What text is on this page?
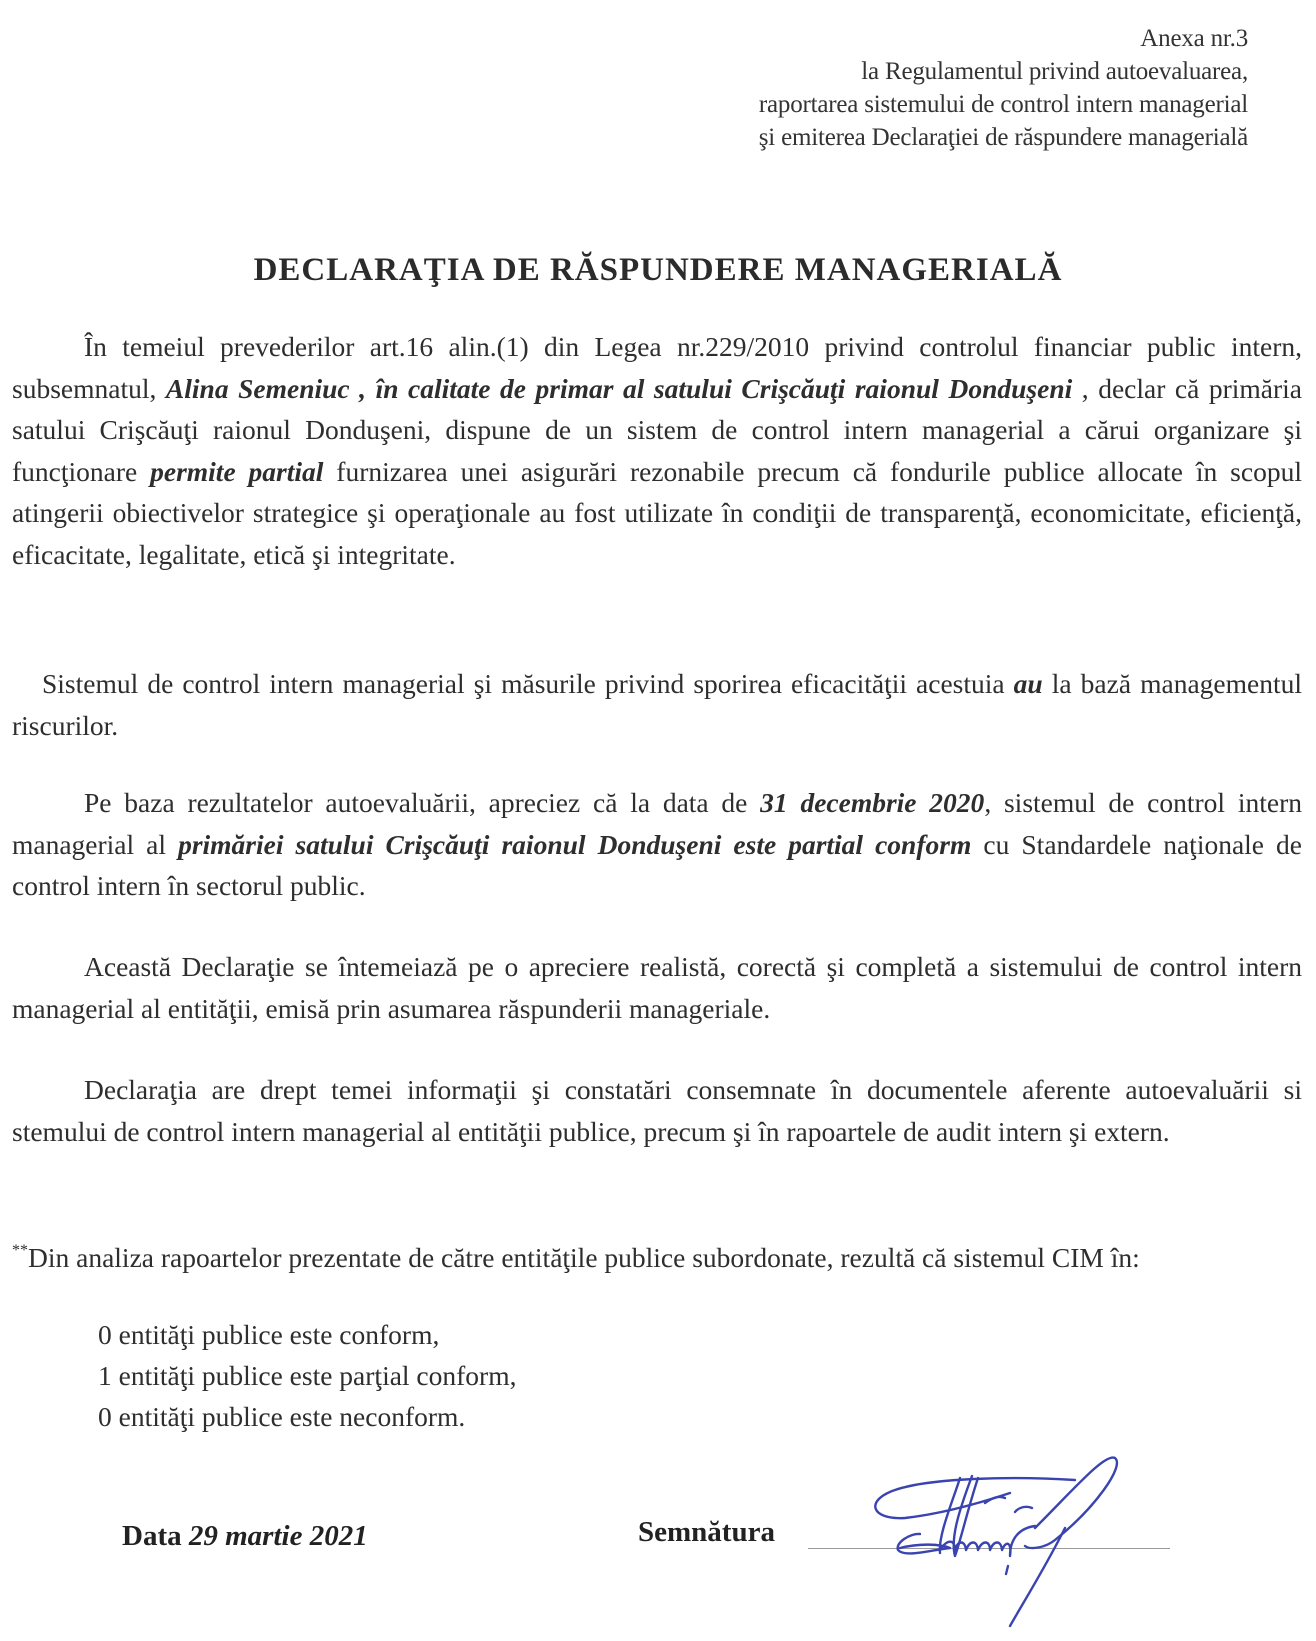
Anexa nr.3
la Regulamentul privind autoevaluarea,
raportarea sistemului de control intern managerial
şi emiterea Declaraţiei de răspundere managerială
DECLARAŢIA DE RĂSPUNDERE MANAGERIALĂ
În temeiul prevederilor art.16 alin.(1) din Legea nr.229/2010 privind controlul financiar public intern, subsemnatul, Alina Semeniuc , în calitate de primar al satului Crişcăuţi raionul Donduşeni , declar că primăria satului Crişcăuţi raionul Donduşeni, dispune de un sistem de control intern managerial a cărui organizare şi funcţionare permite partial furnizarea unei asigurări rezonabile precum că fondurile publice allocate în scopul atingerii obiectivelor strategice şi operaţionale au fost utilizate în condiţii de transparenţă, economicitate, eficienţă, eficacitate, legalitate, etică şi integritate.
Sistemul de control intern managerial şi măsurile privind sporirea eficacităţii acestuia au la bază managementul riscurilor.
Pe baza rezultatelor autoevaluării, apreciez că la data de 31 decembrie 2020, sistemul de control intern managerial al primăriei satului Crişcăuţi raionul Donduşeni este partial conform cu Standardele naţionale de control intern în sectorul public.
Această Declaraţie se întemeiază pe o apreciere realistă, corectă şi completă a sistemului de control intern managerial al entităţii, emisă prin asumarea răspunderii manageriale.
Declaraţia are drept temei informaţii şi constatări consemnate în documentele aferente autoevaluării si stemului de control intern managerial al entităţii publice, precum şi în rapoartele de audit intern şi extern.
**Din analiza rapoartelor prezentate de către entităţile publice subordonate, rezultă că sistemul CIM în:
0 entităţi publice este conform,
1 entităţi publice este parţial conform,
0 entităţi publice este neconform.
Data 29 martie 2021	Semnătura
